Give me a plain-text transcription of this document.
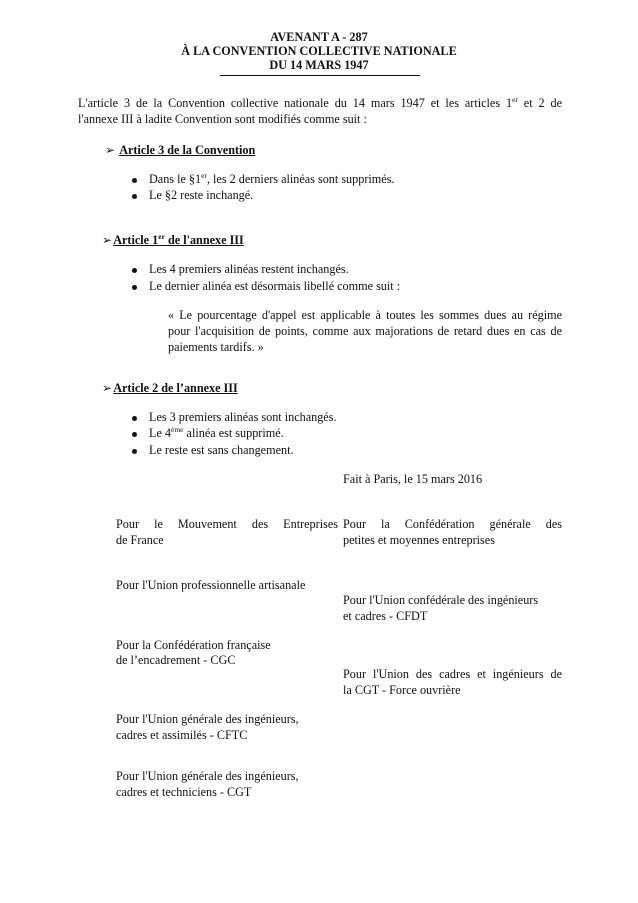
AVENANT A - 287
À LA CONVENTION COLLECTIVE NATIONALE
DU 14 MARS 1947
L'article 3 de la Convention collective nationale du 14 mars 1947 et les articles 1er et 2 de
l'annexe III à ladite Convention sont modifiés comme suit :
➢ Article 3 de la Convention
Dans le §1er, les 2 derniers alinéas sont supprimés.
Le §2 reste inchangé.
➢Article 1er de l'annexe III
Les 4 premiers alinéas restent inchangés.
Le dernier alinéa est désormais libellé comme suit :
« Le pourcentage d'appel est applicable à toutes les sommes dues au régime
pour l'acquisition de points, comme aux majorations de retard dues en cas de
paiements tardifs. »
➢Article 2 de l’annexe III
Les 3 premiers alinéas sont inchangés.
Le 4ème alinéa est supprimé.
Le reste est sans changement.
Fait à Paris, le 15 mars 2016
Pour le Mouvement des Entreprises
de France
Pour la Confédération générale des
petites et moyennes entreprises
Pour l'Union professionnelle artisanale
Pour l'Union confédérale des ingénieurs
et cadres - CFDT
Pour la Confédération française
de l’encadrement - CGC
Pour l'Union des cadres et ingénieurs de
la CGT - Force ouvrière
Pour l'Union générale des ingénieurs,
cadres et assimilés - CFTC
Pour l'Union générale des ingénieurs,
cadres et techniciens - CGT
